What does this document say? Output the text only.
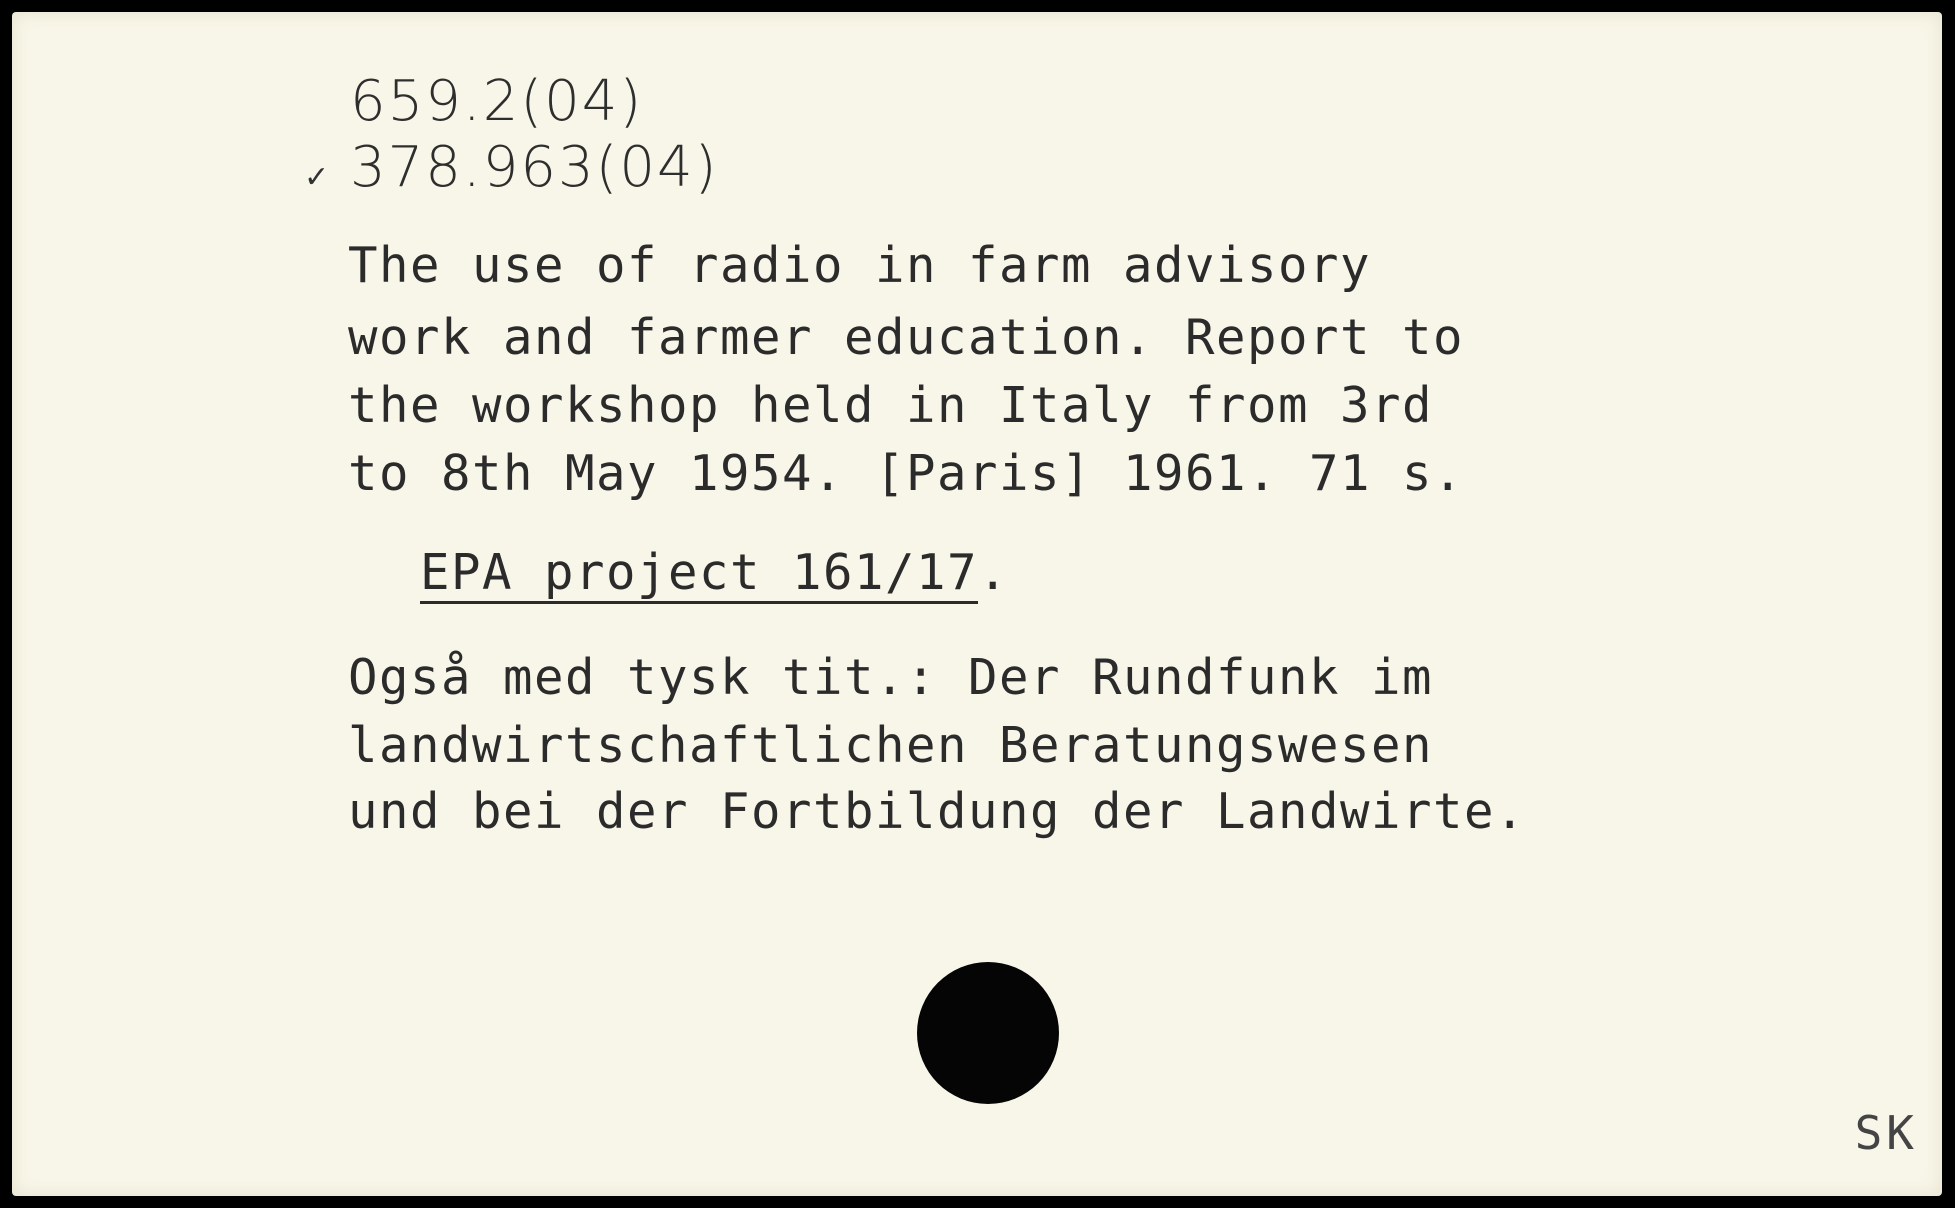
659.2(04)
✓ 378.963(04)
The use of radio in farm advisory
work and farmer education. Report to
the workshop held in Italy from 3rd
to 8th May 1954. [Paris] 1961. 71 s.
EPA project 161/17.
Også med tysk tit.: Der Rundfunk im
landwirtschaftlichen Beratungswesen
und bei der Fortbildung der Landwirte.
SK
